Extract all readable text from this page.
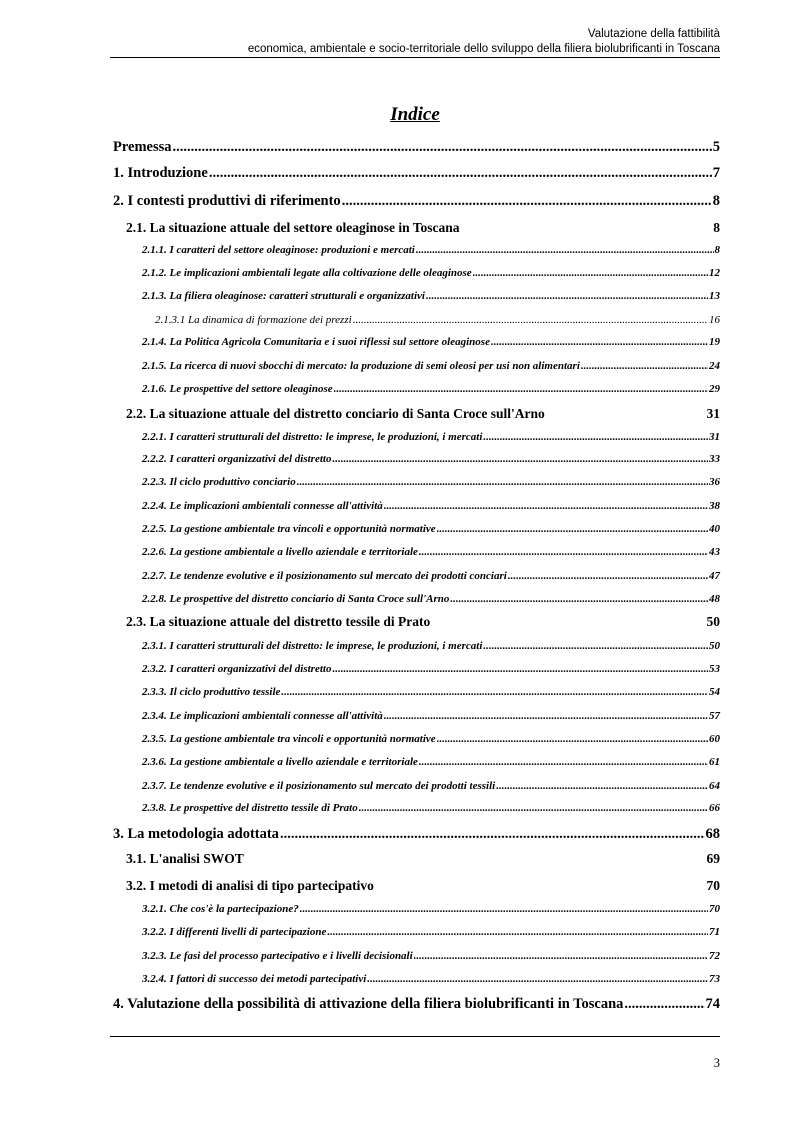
Valutazione della fattibilità
economica, ambientale e socio-territoriale dello sviluppo della filiera biolubrificanti in Toscana
Indice
Premessa .....	5
1. Introduzione .....	7
2. I contesti produttivi di riferimento .....	8
2.1. La situazione attuale del settore oleaginose in Toscana	8
2.1.1. I caratteri del settore oleaginose: produzioni e mercati .....	8
2.1.2. Le implicazioni ambientali legate alla coltivazione delle oleaginose .....	12
2.1.3. La filiera oleaginose: caratteri strutturali e organizzativi .....	13
2.1.3.1 La dinamica di formazione dei prezzi .....	16
2.1.4. La Politica Agricola Comunitaria e i suoi riflessi sul settore oleaginose .....	19
2.1.5. La ricerca di nuovi sbocchi di mercato: la produzione di semi oleosi per usi non alimentari .....	24
2.1.6. Le prospettive del settore oleaginose .....	29
2.2. La situazione attuale del distretto conciario di Santa Croce sull'Arno	31
2.2.1. I caratteri strutturali del distretto: le imprese, le produzioni, i mercati .....	31
2.2.2. I caratteri organizzativi del distretto .....	33
2.2.3. Il ciclo produttivo conciario .....	36
2.2.4. Le implicazioni ambientali connesse all'attività .....	38
2.2.5. La gestione ambientale tra vincoli e opportunità normative .....	40
2.2.6. La gestione ambientale a livello aziendale e territoriale .....	43
2.2.7. Le tendenze evolutive e il posizionamento sul mercato dei prodotti conciari .....	47
2.2.8. Le prospettive del distretto conciario di Santa Croce sull'Arno .....	48
2.3. La situazione attuale del distretto tessile di Prato	50
2.3.1. I caratteri strutturali del distretto: le imprese, le produzioni, i mercati .....	50
2.3.2. I caratteri organizzativi del distretto .....	53
2.3.3. Il ciclo produttivo tessile .....	54
2.3.4. Le implicazioni ambientali connesse all'attività .....	57
2.3.5. La gestione ambientale tra vincoli e opportunità normative .....	60
2.3.6. La gestione ambientale a livello aziendale e territoriale .....	61
2.3.7. Le tendenze evolutive e il posizionamento sul mercato dei prodotti tessili .....	64
2.3.8. Le prospettive del distretto tessile di Prato .....	66
3. La metodologia adottata .....	68
3.1. L'analisi SWOT	69
3.2. I metodi di analisi di tipo partecipativo	70
3.2.1. Che cos'è la partecipazione? .....	70
3.2.2. I differenti livelli di partecipazione .....	71
3.2.3. Le fasi del processo partecipativo e i livelli decisionali .....	72
3.2.4. I fattori di successo dei metodi partecipativi .....	73
4. Valutazione della possibilità di attivazione della filiera biolubrificanti in Toscana .....	74
3
